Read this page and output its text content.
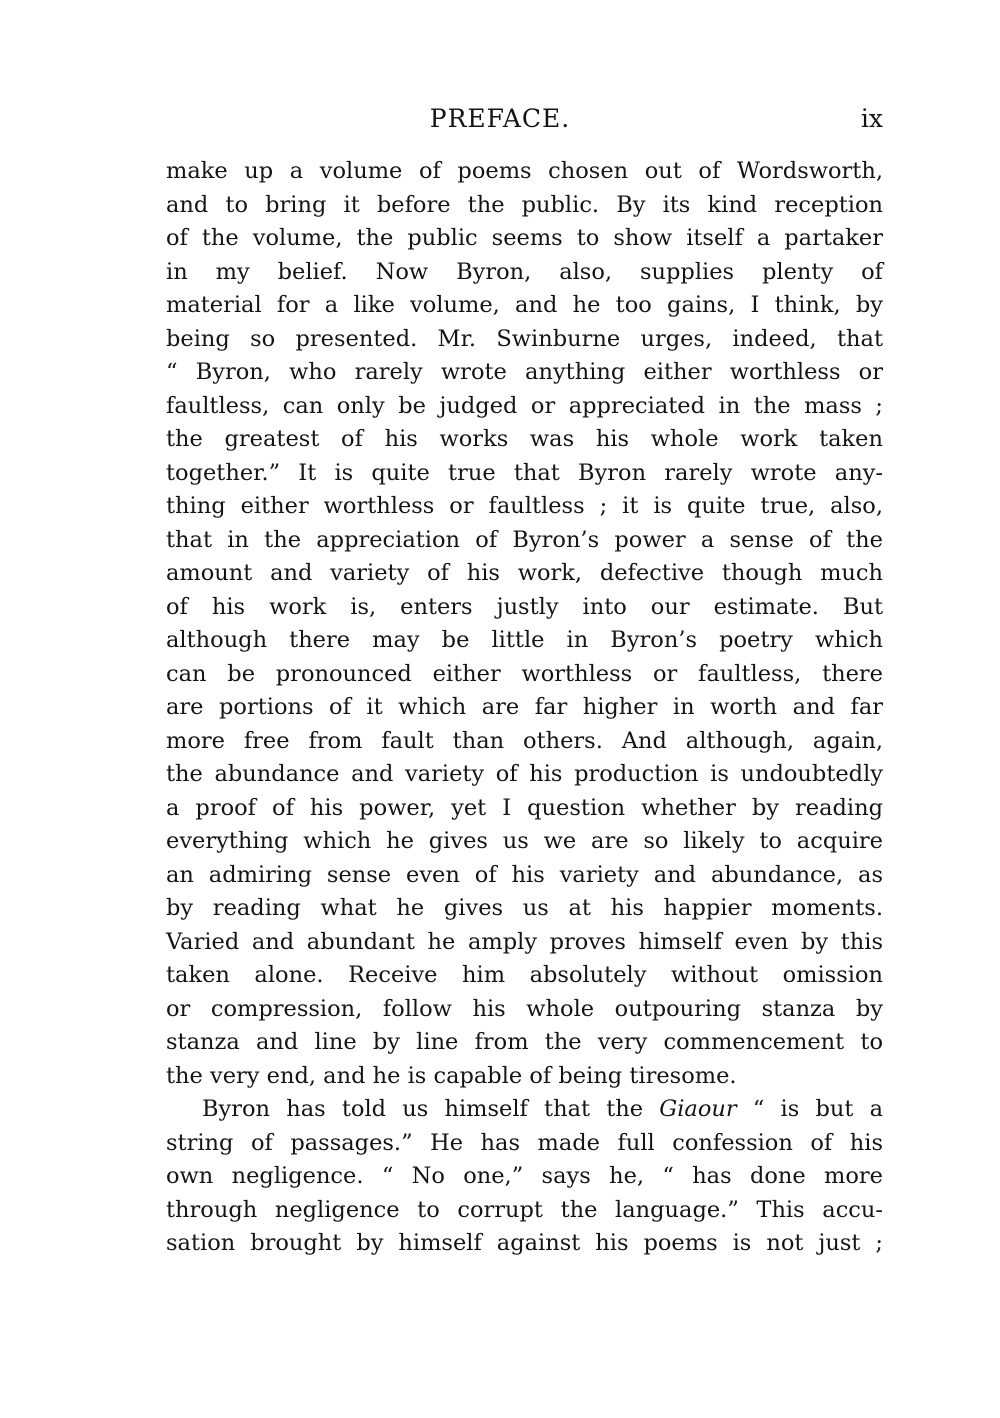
PREFACE.	ix
make up a volume of poems chosen out of Wordsworth,
and to bring it before the public. By its kind reception
of the volume, the public seems to show itself a partaker
in my belief. Now Byron, also, supplies plenty of
material for a like volume, and he too gains, I think, by
being so presented. Mr. Swinburne urges, indeed, that
“ Byron, who rarely wrote anything either worthless or
faultless, can only be judged or appreciated in the mass ;
the greatest of his works was his whole work taken
together.” It is quite true that Byron rarely wrote any-
thing either worthless or faultless ; it is quite true, also,
that in the appreciation of Byron’s power a sense of the
amount and variety of his work, defective though much
of his work is, enters justly into our estimate. But
although there may be little in Byron’s poetry which
can be pronounced either worthless or faultless, there
are portions of it which are far higher in worth and far
more free from fault than others. And although, again,
the abundance and variety of his production is undoubtedly
a proof of his power, yet I question whether by reading
everything which he gives us we are so likely to acquire
an admiring sense even of his variety and abundance, as
by reading what he gives us at his happier moments.
Varied and abundant he amply proves himself even by this
taken alone. Receive him absolutely without omission
or compression, follow his whole outpouring stanza by
stanza and line by line from the very commencement to
the very end, and he is capable of being tiresome.
Byron has told us himself that the Giaour “ is but a
string of passages.” He has made full confession of his
own negligence. “ No one,” says he, “ has done more
through negligence to corrupt the language.” This accu-
sation brought by himself against his poems is not just ;
